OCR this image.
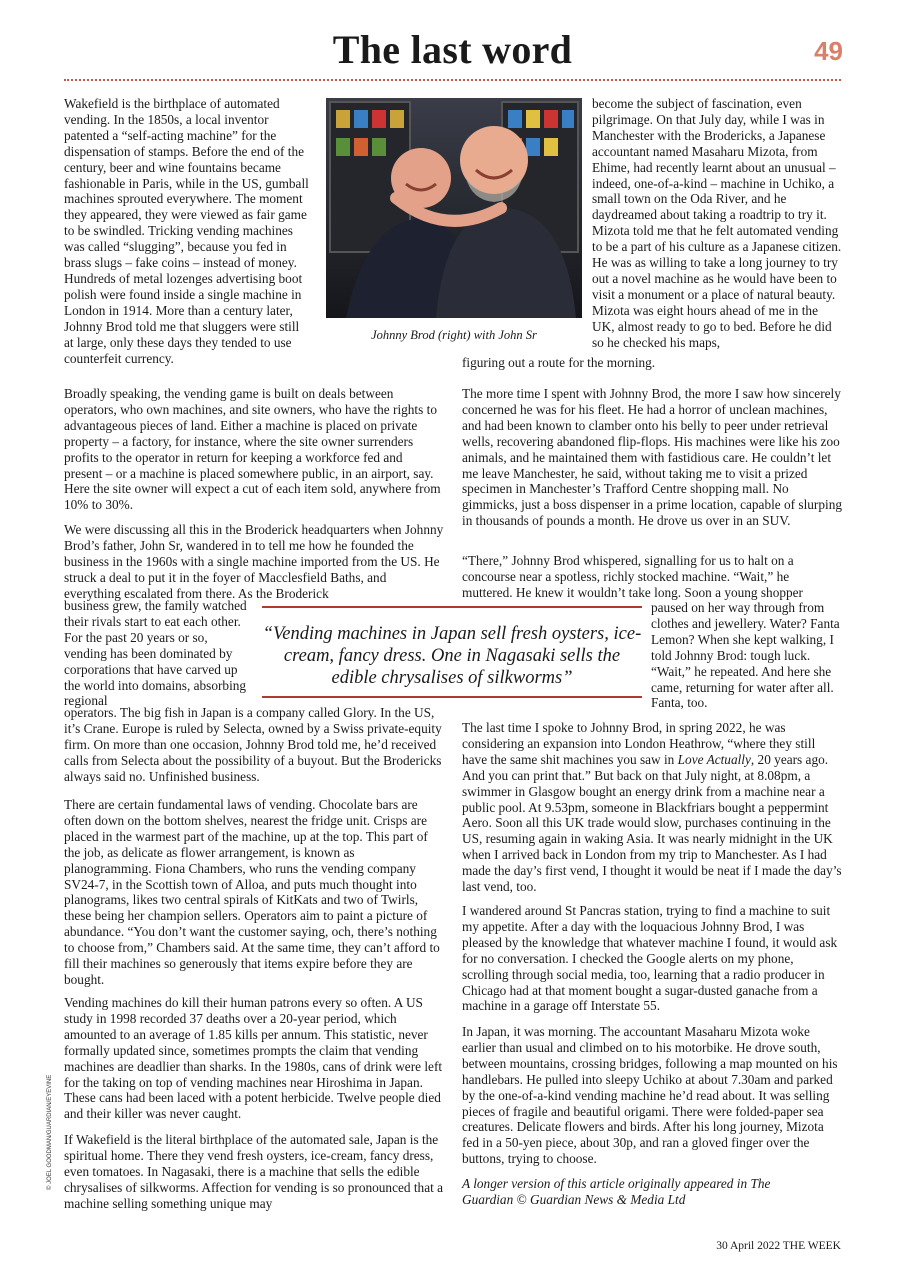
The last word	49

Wakefield is the birthplace of automated vending. In the 1850s, a local inventor patented a “self-acting machine” for the dispensation of stamps. Before the end of the century, beer and wine fountains became fashionable in Paris, while in the US, gumball machines sprouted everywhere. The moment they appeared, they were viewed as fair game to be swindled. Tricking vending machines was called “slugging”, because you fed in brass slugs – fake coins – instead of money. Hundreds of metal lozenges advertising boot polish were found inside a single machine in London in 1914. More than a century later, Johnny Brod told me that sluggers were still at large, only these days they tended to use counterfeit currency.

Broadly speaking, the vending game is built on deals between operators, who own machines, and site owners, who have the rights to advantageous pieces of land. Either a machine is placed on private property – a factory, for instance, where the site owner surrenders profits to the operator in return for keeping a workforce fed and present – or a machine is placed somewhere public, in an airport, say. Here the site owner will expect a cut of each item sold, anywhere from 10% to 30%.

We were discussing all this in the Broderick headquarters when Johnny Brod’s father, John Sr, wandered in to tell me how he founded the business in the 1960s with a single machine imported from the US. He struck a deal to put it in the foyer of Macclesfield Baths, and everything escalated from there. As the Broderick

business grew, the family watched their rivals start to eat each other. For the past 20 years or so, vending has been dominated by corporations that have carved up the world into domains, absorbing regional

operators. The big fish in Japan is a company called Glory. In the US, it’s Crane. Europe is ruled by Selecta, owned by a Swiss private-equity firm. On more than one occasion, Johnny Brod told me, he’d received calls from Selecta about the possibility of a buyout. But the Brodericks always said no. Unfinished business.

There are certain fundamental laws of vending. Chocolate bars are often down on the bottom shelves, nearest the fridge unit. Crisps are placed in the warmest part of the machine, up at the top. This part of the job, as delicate as flower arrangement, is known as planogramming. Fiona Chambers, who runs the vending company SV24-7, in the Scottish town of Alloa, and puts much thought into planograms, likes two central spirals of KitKats and two of Twirls, these being her champion sellers. Operators aim to paint a picture of abundance. “You don’t want the customer saying, och, there’s nothing to choose from,” Chambers said. At the same time, they can’t afford to fill their machines so generously that items expire before they are bought.

Vending machines do kill their human patrons every so often. A US study in 1998 recorded 37 deaths over a 20-year period, which amounted to an average of 1.85 kills per annum. This statistic, never formally updated since, sometimes prompts the claim that vending machines are deadlier than sharks. In the 1980s, cans of drink were left for the taking on top of vending machines near Hiroshima in Japan. These cans had been laced with a potent herbicide. Twelve people died and their killer was never caught.

If Wakefield is the literal birthplace of the automated sale, Japan is the spiritual home. There they vend fresh oysters, ice-cream, fancy dress, even tomatoes. In Nagasaki, there is a machine that sells the edible chrysalises of silkworms. Affection for vending is so pronounced that a machine selling something unique may

Johnny Brod (right) with John Sr

become the subject of fascination, even pilgrimage. On that July day, while I was in Manchester with the Brodericks, a Japanese accountant named Masaharu Mizota, from Ehime, had recently learnt about an unusual – indeed, one-of-a-kind – machine in Uchiko, a small town on the Oda River, and he daydreamed about taking a roadtrip to try it. Mizota told me that he felt automated vending to be a part of his culture as a Japanese citizen. He was as willing to take a long journey to try out a novel machine as he would have been to visit a monument or a place of natural beauty. Mizota was eight hours ahead of me in the UK, almost ready to go to bed. Before he did so he checked his maps,

figuring out a route for the morning.

The more time I spent with Johnny Brod, the more I saw how sincerely concerned he was for his fleet. He had a horror of unclean machines, and had been known to clamber onto his belly to peer under retrieval wells, recovering abandoned flip-flops. His machines were like his zoo animals, and he maintained them with fastidious care. He couldn’t let me leave Manchester, he said, without taking me to visit a prized specimen in Manchester’s Trafford Centre shopping mall. No gimmicks, just a boss dispenser in a prime location, capable of slurping in thousands of pounds a month. He drove us over in an SUV.

“There,” Johnny Brod whispered, signalling for us to halt on a concourse near a spotless, richly stocked machine. “Wait,” he muttered. He knew it wouldn’t take long. Soon a young shopper

paused on her way through from clothes and jewellery. Water? Fanta Lemon? When she kept walking, I told Johnny Brod: tough luck. “Wait,” he repeated. And here she came, returning for water after all. Fanta, too.

The last time I spoke to Johnny Brod, in spring 2022, he was considering an expansion into London Heathrow, “where they still have the same shit machines you saw in Love Actually, 20 years ago. And you can print that.” But back on that July night, at 8.08pm, a swimmer in Glasgow bought an energy drink from a machine near a public pool. At 9.53pm, someone in Blackfriars bought a peppermint Aero. Soon all this UK trade would slow, purchases continuing in the US, resuming again in waking Asia. It was nearly midnight in the UK when I arrived back in London from my trip to Manchester. As I had made the day’s first vend, I thought it would be neat if I made the day’s last vend, too.

I wandered around St Pancras station, trying to find a machine to suit my appetite. After a day with the loquacious Johnny Brod, I was pleased by the knowledge that whatever machine I found, it would ask for no conversation. I checked the Google alerts on my phone, scrolling through social media, too, learning that a radio producer in Chicago had at that moment bought a sugar-dusted ganache from a machine in a garage off Interstate 55.

In Japan, it was morning. The accountant Masaharu Mizota woke earlier than usual and climbed on to his motorbike. He drove south, between mountains, crossing bridges, following a map mounted on his handlebars. He pulled into sleepy Uchiko at about 7.30am and parked by the one-of-a-kind vending machine he’d read about. It was selling pieces of fragile and beautiful origami. There were folded-paper sea creatures. Delicate flowers and birds. After his long journey, Mizota fed in a 50-yen piece, about 30p, and ran a gloved finger over the buttons, trying to choose.

A longer version of this article originally appeared in The Guardian © Guardian News & Media Ltd

“Vending machines in Japan sell fresh oysters, ice-cream, fancy dress. One in Nagasaki sells the edible chrysalises of silkworms”

© JOEL GOODMAN/GUARDIAN/EYEVINE
30 April 2022 THE WEEK
